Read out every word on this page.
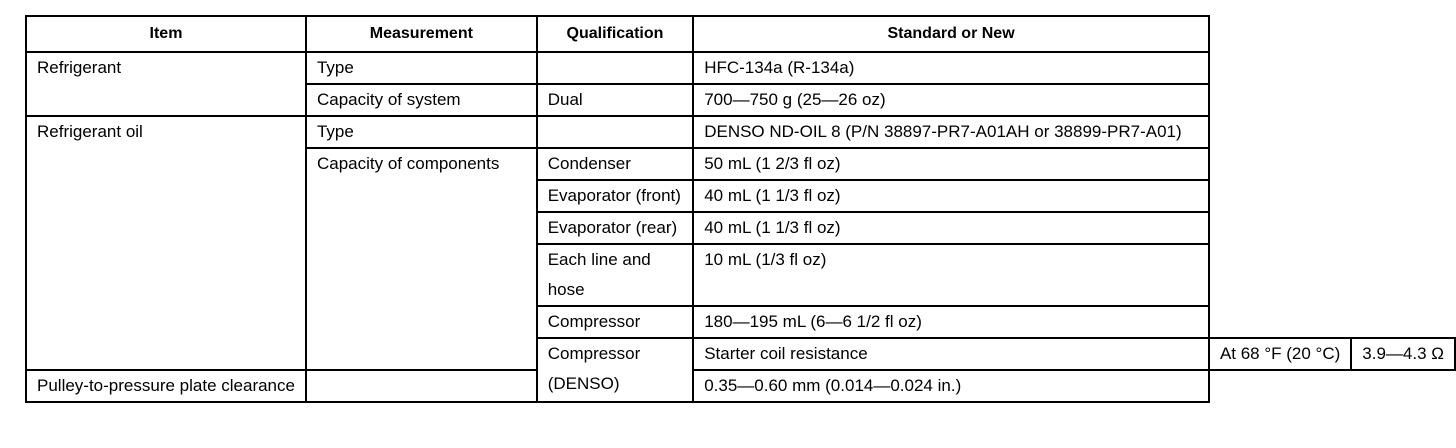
Item	Measurement	Qualification	Standard or New		
Refrigerant	Type		HFC-134a (R-134a)		
	Capacity of system	Dual	700—750 g (25—26 oz)		
Refrigerant oil	Type		DENSO ND-OIL 8 (P/N 38897-PR7-A01AH or 38899-PR7-A01)		
	Capacity of components	Condenser	50 mL (1 2/3 fl oz)		
		Evaporator (front)	40 mL (1 1/3 fl oz)		
		Evaporator (rear)	40 mL (1 1/3 fl oz)		
		Each line and hose	10 mL (1/3 fl oz)		
		Compressor	180—195 mL (6—6 1/2 fl oz)		
		Compressor (DENSO)	Starter coil resistance	At 68 °F (20 °C)	3.9—4.3 Ω
Pulley-to-pressure plate clearance			0.35—0.60 mm (0.014—0.024 in.)		
